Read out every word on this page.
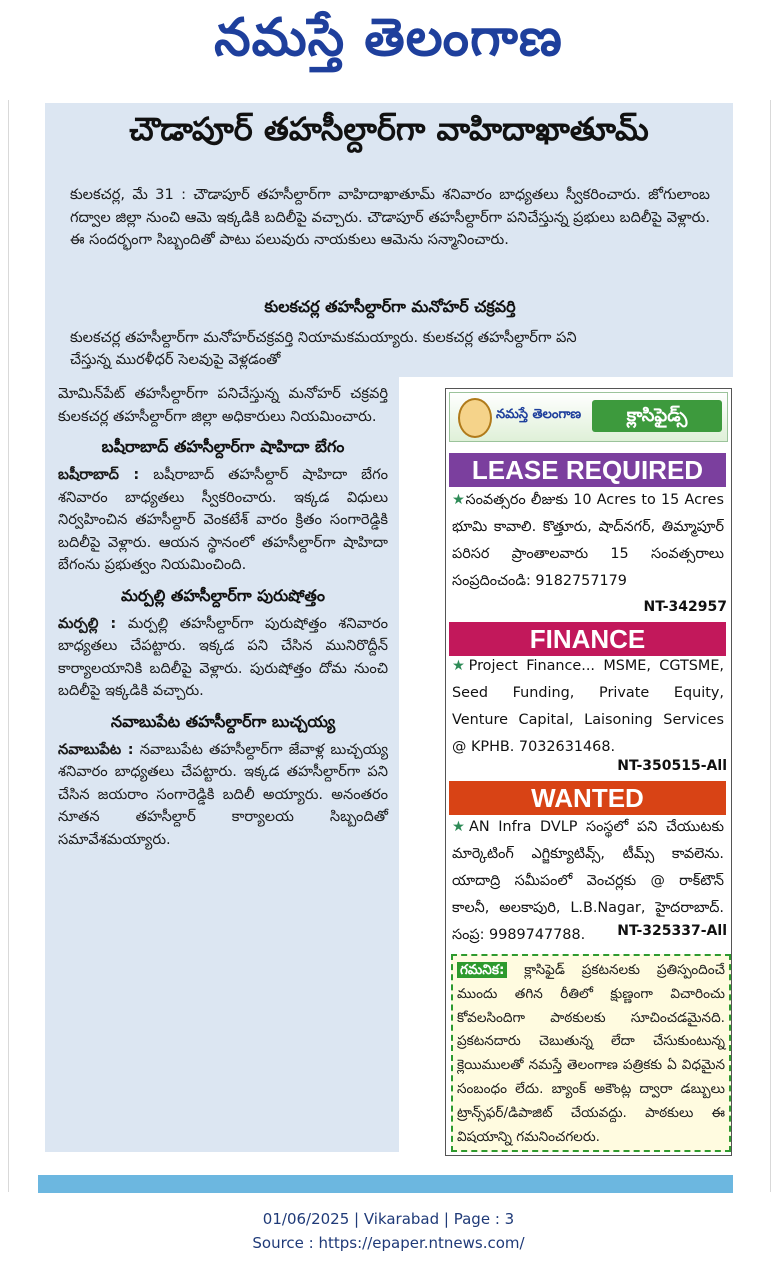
నమస్తే తెలంగాణ
చౌడాపూర్ తహసీల్దార్‌గా వాహిదాఖాతూమ్
కులకచర్ల, మే 31 : చౌడాపూర్ తహసీల్దార్‌గా వాహిదాఖాతూమ్ శనివారం బాధ్యతలు స్వీకరించారు. జోగులాంబ గద్వాల జిల్లా నుంచి ఆమె ఇక్కడికి బదిలీపై వచ్చారు. చౌడాపూర్ తహసీల్దార్‌గా పనిచేస్తున్న ప్రభులు బదిలీపై వెళ్లారు. ఈ సందర్భంగా సిబ్బందితో పాటు పలువురు నాయకులు ఆమెను సన్మానించారు.
కులకచర్ల తహసీల్దార్‌గా మనోహర్ చక్రవర్తి
కులకచర్ల తహసీల్దార్‌గా మనోహర్‌చక్రవర్తి నియామకమయ్యారు. కులకచర్ల తహసీల్దార్‌గా పని
చేస్తున్న మురళీధర్ సెలవుపై వెళ్లడంతో

మోమిన్‌పేట్ తహసీల్దార్‌గా పనిచేస్తున్న మనోహర్ చక్రవర్తి కులకచర్ల తహసీల్దార్‌గా జిల్లా అధికారులు నియమించారు.

బషీరాబాద్ తహసీల్దార్‌గా షాహిదా బేగం

బషీరాబాద్ : బషీరాబాద్ తహసీల్దార్ షాహిదా బేగం శనివారం బాధ్యతలు స్వీకరించారు. ఇక్కడ విధులు నిర్వహించిన తహసీల్దార్ వెంకటేశ్ వారం క్రితం సంగారెడ్డికి బదిలీపై వెళ్లారు. ఆయన స్థానంలో తహసీల్దార్‌గా షాహిదా బేగంను ప్రభుత్వం నియమించింది.

మర్పల్లి తహసీల్దార్‌గా పురుషోత్తం

మర్పల్లి : మర్పల్లి తహసీల్దార్‌గా పురుషోత్తం శనివారం బాధ్యతలు చేపట్టారు. ఇక్కడ పని చేసిన మునిరొద్దీన్ కార్యాలయానికి బదిలీపై వెళ్లారు. పురుషోత్తం దోమ నుంచి బదిలీపై ఇక్కడికి వచ్చారు.

నవాబుపేట తహసీల్దార్‌గా బుచ్చయ్య

నవాబుపేట : నవాబుపేట తహసీల్దార్‌గా జేవాళ్ల బుచ్చయ్య శనివారం బాధ్యతలు చేపట్టారు. ఇక్కడ తహసీల్దార్‌గా పని చేసిన జయరాం సంగారెడ్డికి బదిలీ అయ్యారు. అనంతరం నూతన తహసీల్దార్ కార్యాలయ సిబ్బందితో సమావేశమయ్యారు.

నమస్తే తెలంగాణ	క్లాసిఫైడ్స్
LEASE REQUIRED
★సంవత్సరం లీజుకు 10 Acres to 15 Acres భూమి కావాలి. కొత్తూరు, షాద్‌నగర్, తిమ్మాపూర్ పరిసర ప్రాంతాలవారు 15 సంవత్సరాలు సంప్రదించండి: 9182757179
NT-342957
FINANCE
★Project Finance... MSME, CGTSME, Seed Funding, Private Equity, Venture Capital, Laisoning Services @ KPHB. 7032631468.
NT-350515-All
WANTED
★AN Infra DVLP సంస్థలో పని చేయుటకు మార్కెటింగ్ ఎగ్జిక్యూటివ్స్, టీమ్స్ కావలెను. యాదాద్రి సమీపంలో వెంచర్లకు @ రాక్‌టౌన్ కాలనీ, అలకాపురి, L.B.Nagar, హైదరాబాద్. సంప్ర: 9989747788.	NT-325337-All
గమనిక: క్లాసిఫైడ్ ప్రకటనలకు ప్రతిస్పందించే ముందు తగిన రీతిలో క్షుణ్ణంగా విచారించు కోవలసిందిగా పాఠకులకు సూచించడమైనది. ప్రకటనదారు చెబుతున్న లేదా చేసుకుంటున్న క్లెయిములతో నమస్తే తెలంగాణ పత్రికకు ఏ విధమైన సంబంధం లేదు. బ్యాంక్ అకౌంట్ల ద్వారా డబ్బులు ట్రాన్స్‌ఫర్/డిపాజిట్ చేయవద్దు. పాఠకులు ఈ విషయాన్ని గమనించగలరు.
01/06/2025 | Vikarabad | Page : 3
Source : https://epaper.ntnews.com/
